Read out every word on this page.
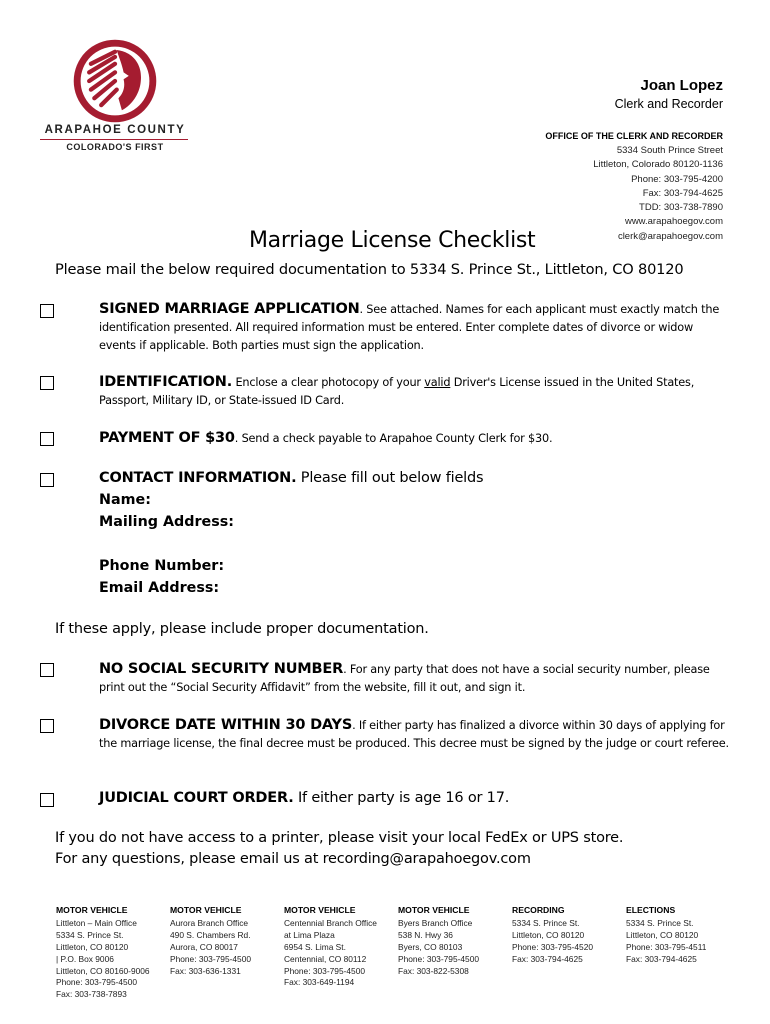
ARAPAHOE COUNTY
COLORADO'S FIRST
Joan Lopez
Clerk and Recorder
OFFICE OF THE CLERK AND RECORDER
5334 South Prince Street
Littleton, Colorado 80120-1136
Phone: 303-795-4200
Fax: 303-794-4625
TDD: 303-738-7890
www.arapahoegov.com
clerk@arapahoegov.com
Marriage License Checklist
Please mail the below required documentation to 5334 S. Prince St., Littleton, CO 80120
SIGNED MARRIAGE APPLICATION. See attached. Names for each applicant must exactly match the identification presented. All required information must be entered. Enter complete dates of divorce or widow events if applicable. Both parties must sign the application.
IDENTIFICATION. Enclose a clear photocopy of your valid Driver's License issued in the United States, Passport, Military ID, or State-issued ID Card.
PAYMENT OF $30. Send a check payable to Arapahoe County Clerk for $30.
CONTACT INFORMATION. Please fill out below fields
Name:
Mailing Address:
Phone Number:
Email Address:
If these apply, please include proper documentation.
NO SOCIAL SECURITY NUMBER. For any party that does not have a social security number, please print out the “Social Security Affidavit” from the website, fill it out, and sign it.
DIVORCE DATE WITHIN 30 DAYS. If either party has finalized a divorce within 30 days of applying for the marriage license, the final decree must be produced. This decree must be signed by the judge or court referee.
JUDICIAL COURT ORDER. If either party is age 16 or 17.
If you do not have access to a printer, please visit your local FedEx or UPS store.
For any questions, please email us at recording@arapahoegov.com
MOTOR VEHICLE
Littleton – Main Office
5334 S. Prince St.
Littleton, CO 80120
| P.O. Box 9006
Littleton, CO 80160-9006
Phone: 303-795-4500
Fax: 303-738-7893
MOTOR VEHICLE
Aurora Branch Office
490 S. Chambers Rd.
Aurora, CO 80017
Phone: 303-795-4500
Fax: 303-636-1331
MOTOR VEHICLE
Centennial Branch Office
at Lima Plaza
6954 S. Lima St.
Centennial, CO 80112
Phone: 303-795-4500
Fax: 303-649-1194
MOTOR VEHICLE
Byers Branch Office
538 N. Hwy 36
Byers, CO 80103
Phone: 303-795-4500
Fax: 303-822-5308
RECORDING
5334 S. Prince St.
Littleton, CO 80120
Phone: 303-795-4520
Fax: 303-794-4625
ELECTIONS
5334 S. Prince St.
Littleton, CO 80120
Phone: 303-795-4511
Fax: 303-794-4625
